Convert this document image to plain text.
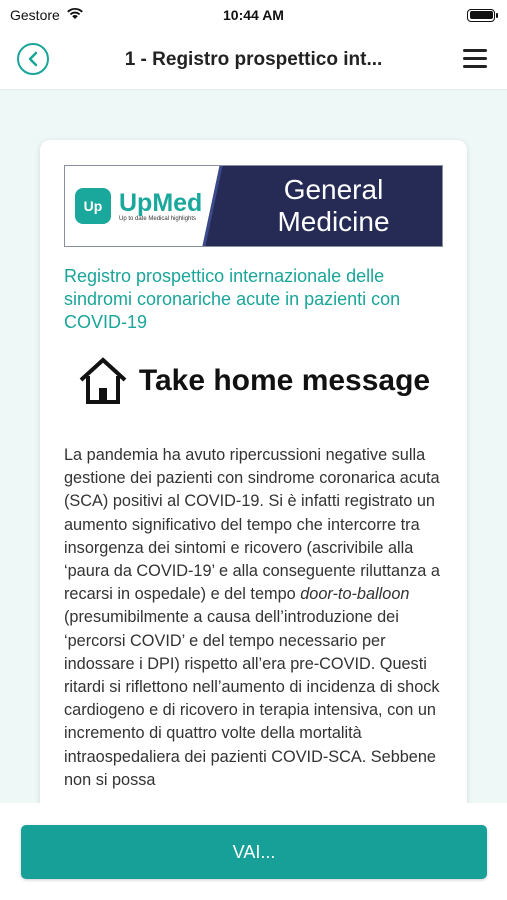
Gestore	10:44 AM
1 - Registro prospettico int...
Up UpMed
Up to date Medical highlights
General
Medicine
Registro prospettico internazionale delle sindromi coronariche acute in pazienti con COVID-19
Take home message

La pandemia ha avuto ripercussioni negative sulla gestione dei pazienti con sindrome coronarica acuta (SCA) positivi al COVID-19. Si è infatti registrato un aumento significativo del tempo che intercorre tra insorgenza dei sintomi e ricovero (ascrivibile alla ‘paura da COVID-19’ e alla conseguente riluttanza a recarsi in ospedale) e del tempo door-to-balloon (presumibilmente a causa dell’introduzione dei ‘percorsi COVID’ e del tempo necessario per indossare i DPI) rispetto all’era pre-COVID. Questi ritardi si riflettono nell’aumento di incidenza di shock cardiogeno e di ricovero in terapia intensiva, con un incremento di quattro volte della mortalità intraospedaliera dei pazienti COVID-SCA. Sebbene non si possa

VAI...
